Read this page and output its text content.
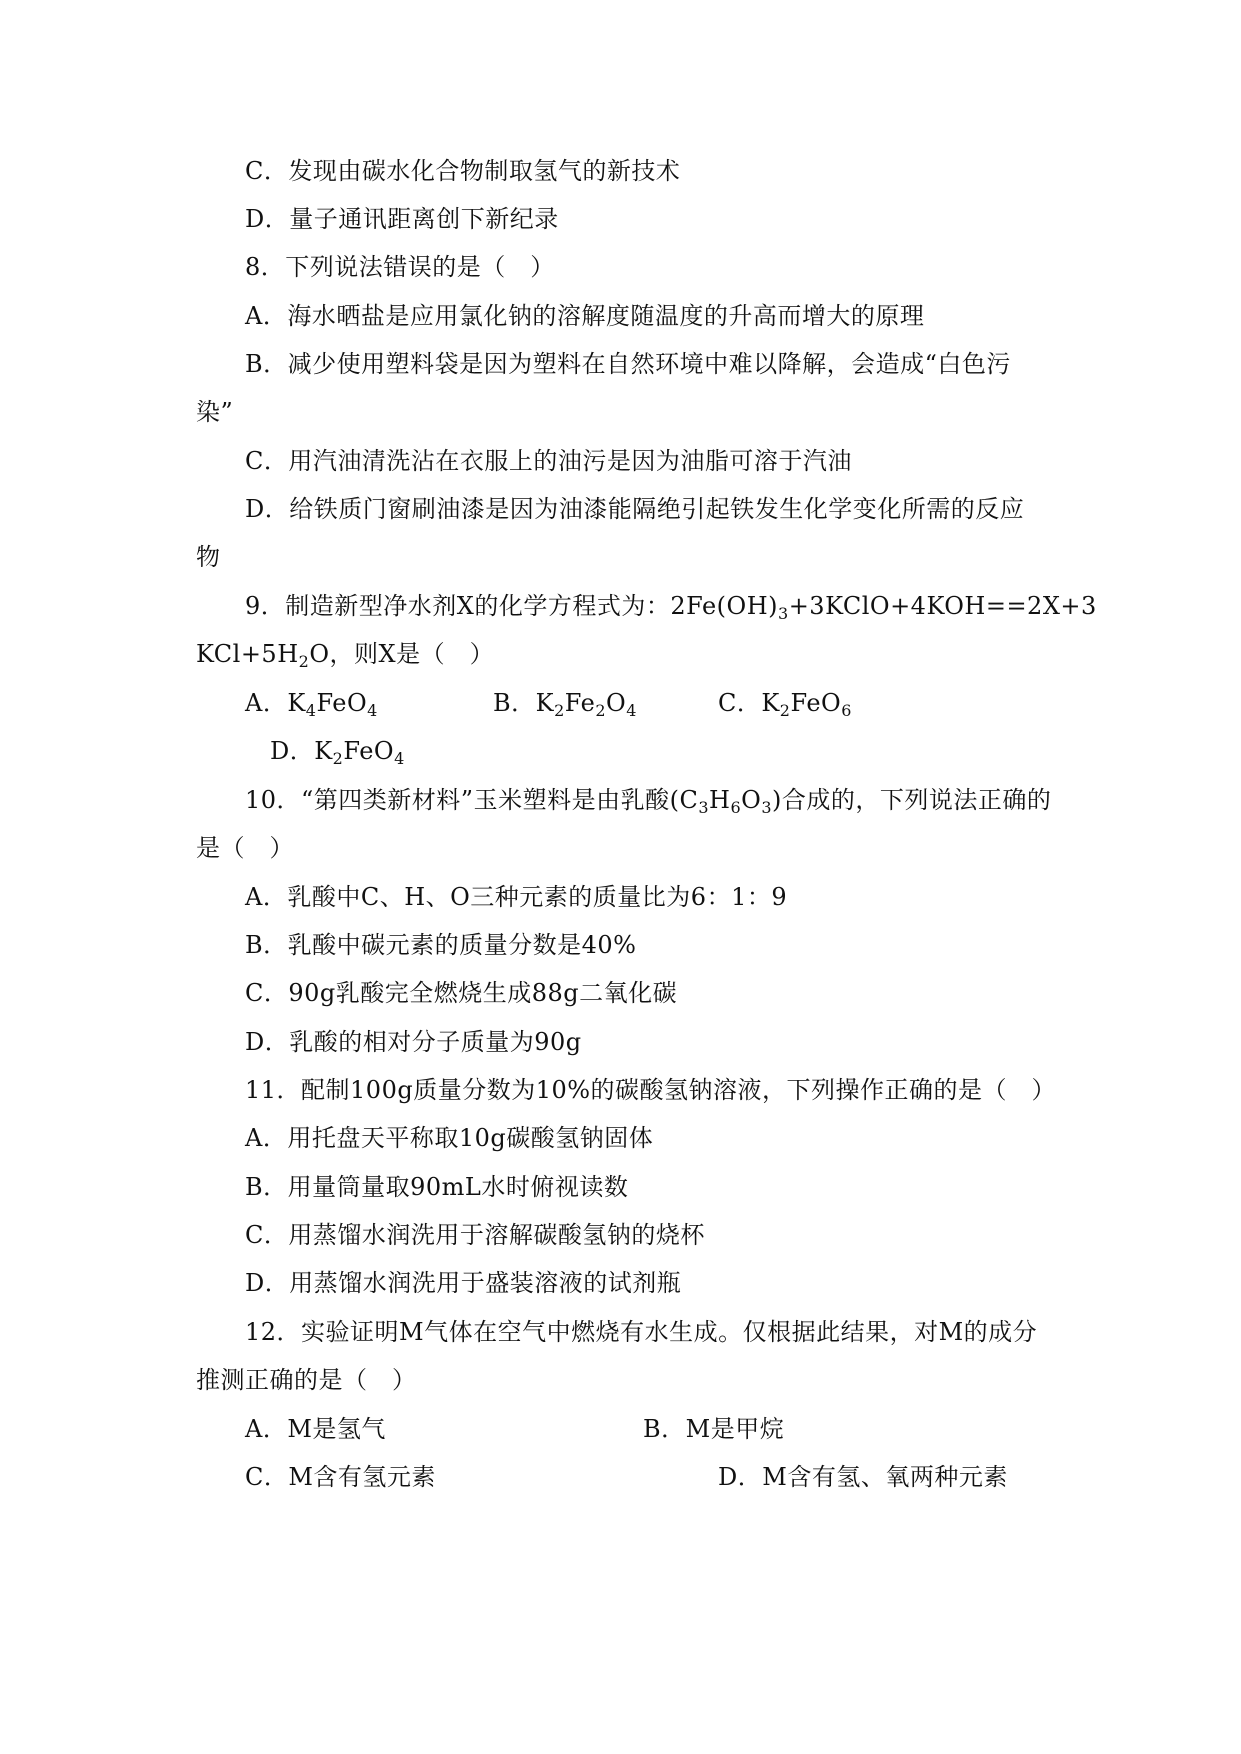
C．发现由碳水化合物制取氢气的新技术
D．量子通讯距离创下新纪录
8．下列说法错误的是（　）
A．海水晒盐是应用氯化钠的溶解度随温度的升高而增大的原理
B．减少使用塑料袋是因为塑料在自然环境中难以降解，会造成“白色污
染”
C．用汽油清洗沾在衣服上的油污是因为油脂可溶于汽油
D．给铁质门窗刷油漆是因为油漆能隔绝引起铁发生化学变化所需的反应
物
9．制造新型净水剂X的化学方程式为：$2Fe(OH)_3+3KClO+4KOH==2X+3$
$KCl+5H_2O$，则X是（　）
A．$K_4FeO_4$	B．$K_2Fe_2O_4$	C．$K_2FeO_6$
D．$K_2FeO_4$
10．“第四类新材料”玉米塑料是由乳酸$(C_3H_6O_3)$合成的，下列说法正确的
是（　）
A．乳酸中C、H、O三种元素的质量比为6：1：9
B．乳酸中碳元素的质量分数是40%
C．90g乳酸完全燃烧生成88g二氧化碳
D．乳酸的相对分子质量为90g
11．配制100g质量分数为10%的碳酸氢钠溶液，下列操作正确的是（　）
A．用托盘天平称取10g碳酸氢钠固体
B．用量筒量取90mL水时俯视读数
C．用蒸馏水润洗用于溶解碳酸氢钠的烧杯
D．用蒸馏水润洗用于盛装溶液的试剂瓶
12．实验证明M气体在空气中燃烧有水生成。仅根据此结果，对M的成分
推测正确的是（　）
A．M是氢气	B．M是甲烷
C．M含有氢元素	D．M含有氢、氧两种元素
